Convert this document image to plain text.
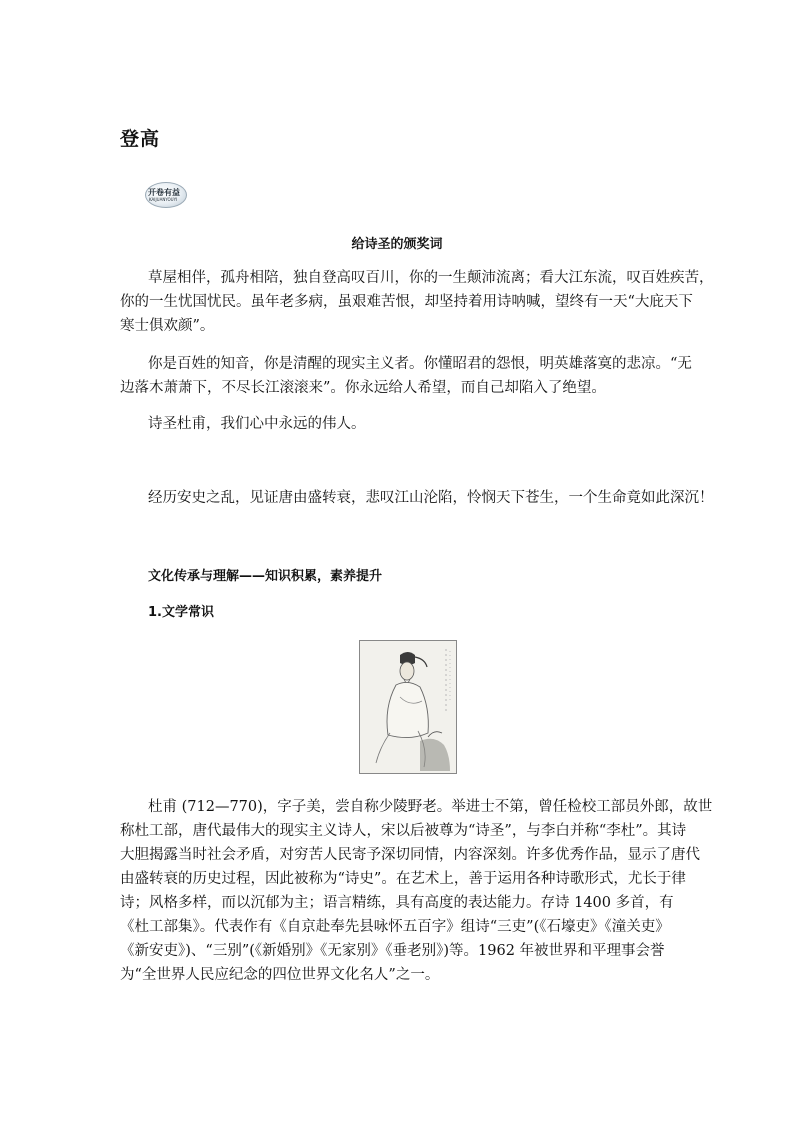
登高
开卷有益
KAIJUANYOUYI
给诗圣的颁奖词
草屋相伴，孤舟相陪，独自登高叹百川，你的一生颠沛流离；看大江东流，叹百姓疾苦，
你的一生忧国忧民。虽年老多病，虽艰难苦恨，却坚持着用诗呐喊，望终有一天“大庇天下
寒士俱欢颜”。
你是百姓的知音，你是清醒的现实主义者。你懂昭君的怨恨，明英雄落寞的悲凉。“无
边落木萧萧下，不尽长江滚滚来”。你永远给人希望，而自己却陷入了绝望。
诗圣杜甫，我们心中永远的伟人。
经历安史之乱，见证唐由盛转衰，悲叹江山沦陷，怜悯天下苍生，一个生命竟如此深沉！
文化传承与理解——知识积累，素养提升
1.文学常识
杜甫 (712—770)，字子美，尝自称少陵野老。举进士不第，曾任检校工部员外郎，故世
称杜工部，唐代最伟大的现实主义诗人，宋以后被尊为“诗圣”，与李白并称“李杜”。其诗
大胆揭露当时社会矛盾，对穷苦人民寄予深切同情，内容深刻。许多优秀作品，显示了唐代
由盛转衰的历史过程，因此被称为“诗史”。在艺术上，善于运用各种诗歌形式，尤长于律
诗；风格多样，而以沉郁为主；语言精练，具有高度的表达能力。存诗 1400 多首，有
《杜工部集》。代表作有《自京赴奉先县咏怀五百字》组诗“三吏”(《石壕吏》《潼关吏》
《新安吏》)、“三别”(《新婚别》《无家别》《垂老别》)等。1962 年被世界和平理事会誉
为“全世界人民应纪念的四位世界文化名人”之一。
